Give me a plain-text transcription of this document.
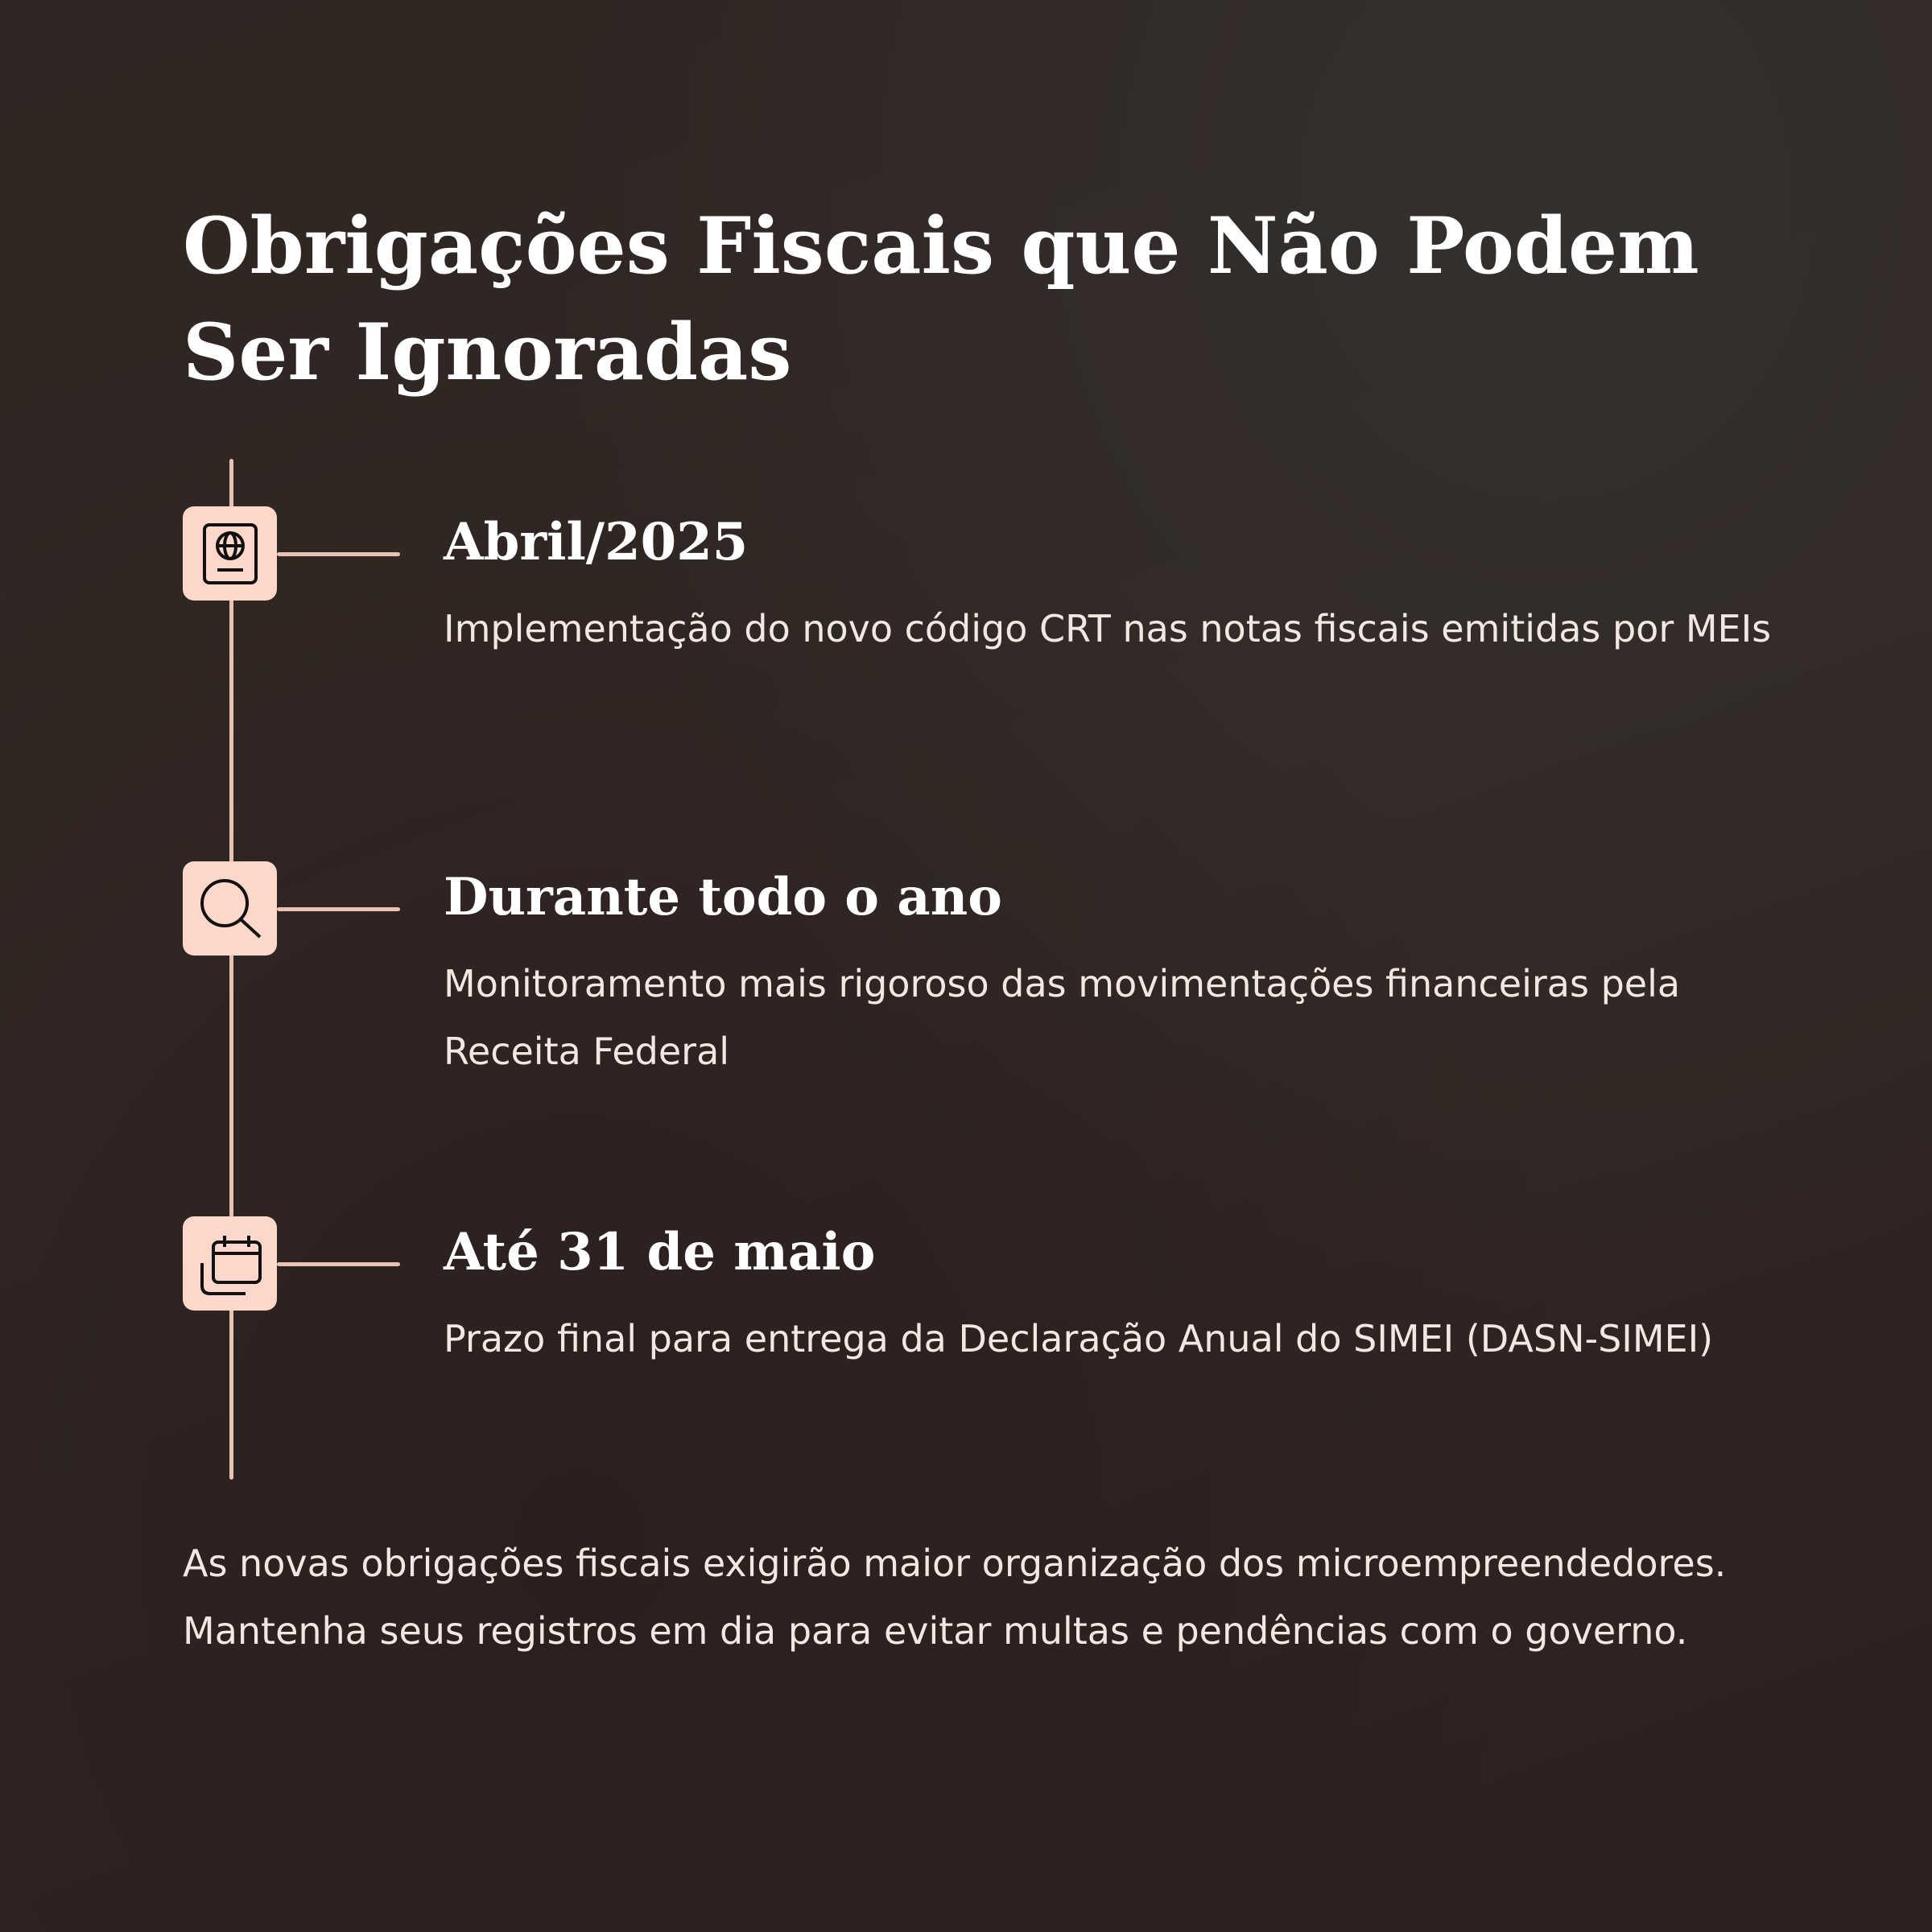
Obrigações Fiscais que Não Podem Ser Ignoradas
Abril/2025

Implementação do novo código CRT nas notas fiscais emitidas por MEIs

Durante todo o ano

Monitoramento mais rigoroso das movimentações financeiras pela Receita Federal

Até 31 de maio

Prazo final para entrega da Declaração Anual do SIMEI (DASN-SIMEI)

As novas obrigações fiscais exigirão maior organização dos microempreendedores. Mantenha seus registros em dia para evitar multas e pendências com o governo.
